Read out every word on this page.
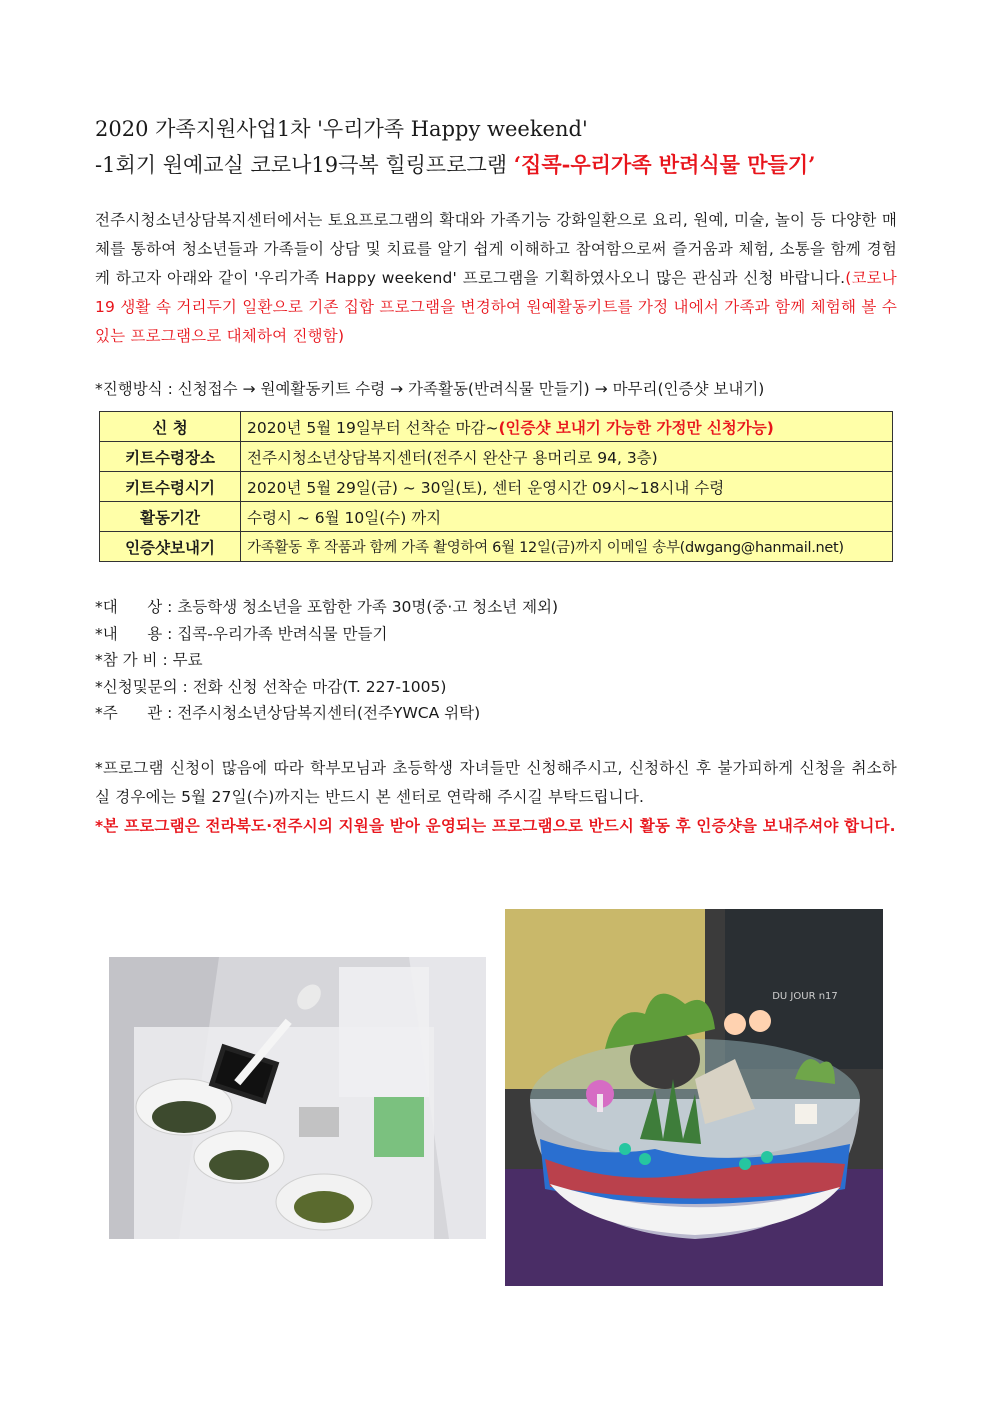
2020 가족지원사업1차 '우리가족 Happy weekend'
-1회기 원예교실 코로나19극복 힐링프로그램 ‘집콕-우리가족 반려식물 만들기’
전주시청소년상담복지센터에서는 토요프로그램의 확대와 가족기능 강화일환으로 요리, 원예, 미술, 놀이 등 다양한 매체를 통하여 청소년들과 가족들이 상담 및 치료를 알기 쉽게 이해하고 참여함으로써 즐거움과 체험, 소통을 함께 경험케 하고자 아래와 같이 '우리가족 Happy weekend' 프로그램을 기획하였사오니 많은 관심과 신청 바랍니다.(코로나19 생활 속 거리두기 일환으로 기존 집합 프로그램을 변경하여 원예활동키트를 가정 내에서 가족과 함께 체험해 볼 수 있는 프로그램으로 대체하여 진행함)
*진행방식 : 신청접수 → 원예활동키트 수령 → 가족활동(반려식물 만들기) → 마무리(인증샷 보내기)
신 청	2020년 5월 19일부터 선착순 마감~(인증샷 보내기 가능한 가정만 신청가능)
키트수령장소	전주시청소년상담복지센터(전주시 완산구 용머리로 94, 3층)
키트수령시기	2020년 5월 29일(금) ~ 30일(토), 센터 운영시간 09시~18시내 수령
활동기간	수령시 ~ 6월 10일(수) 까지
인증샷보내기	가족활동 후 작품과 함께 가족 촬영하여 6월 12일(금)까지 이메일 송부(dwgang@hanmail.net)
*대      상 : 초등학생 청소년을 포함한 가족 30명(중·고 청소년 제외)
*내      용 : 집콕-우리가족 반려식물 만들기
*참 가 비 : 무료
*신청및문의 : 전화 신청 선착순 마감(T. 227-1005)
*주      관 : 전주시청소년상담복지센터(전주YWCA 위탁)
*프로그램 신청이 많음에 따라 학부모님과 초등학생 자녀들만 신청해주시고, 신청하신 후 불가피하게 신청을 취소하실 경우에는 5월 27일(수)까지는 반드시 본 센터로 연락해 주시길 부탁드립니다.
*본 프로그램은 전라북도·전주시의 지원을 받아 운영되는 프로그램으로 반드시 활동 후 인증샷을 보내주셔야 합니다.
DU JOUR n17
